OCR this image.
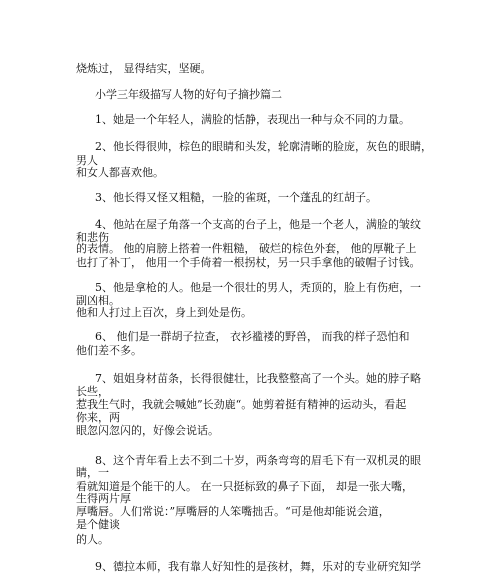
烧炼过， 显得结实，坚硬。
小学三年级描写人物的好句子摘抄篇二
1、她是一个年轻人，满脸的恬静，表现出一种与众不同的力量。
2、他长得很帅，棕色的眼睛和头发，轮廓清晰的脸庞，灰色的眼睛，
男人
和女人都喜欢他。
3、他长得又怪又粗糙，一脸的雀斑，一个蓬乱的红胡子。
4、他站在屋子角落一个支高的台子上，他是一个老人，满脸的皱纹
和悲伤
的表情。 他的肩膀上搭着一件粗糙， 破烂的棕色外套， 他的厚靴子上
也打了补丁， 他用一个手倚着一根拐杖，另一只手拿他的破帽子讨钱。
5、他是拿枪的人。他是一个很壮的男人，秃顶的，脸上有伤疤，一
副凶相。
他和人打过上百次，身上到处是伤。
6、 他们是一群胡子拉查， 衣衫褴褛的野兽， 而我的样子恐怕和
他们差不多。
7、姐姐身材苗条，长得很健壮，比我整整高了一个头。她的脖子略
长些，
惹我生气时，我就会喊她”长劲鹿“。她剪着挺有精神的运动头，看起
你来，两
眼忽闪忽闪的，好像会说话。
8、这个青年看上去不到二十岁，两条弯弯的眉毛下有一双机灵的眼
睛，一
看就知道是个能干的人。 在一只挺标致的鼻子下面， 却是一张大嘴，
生得两片厚
厚嘴唇。人们常说：”厚嘴唇的人笨嘴拙舌。“可是他却能说会道，
是个健谈
的人。
9、德拉本师，我有靠人好知性的是孩材，舞，乐对的专业研究知学
